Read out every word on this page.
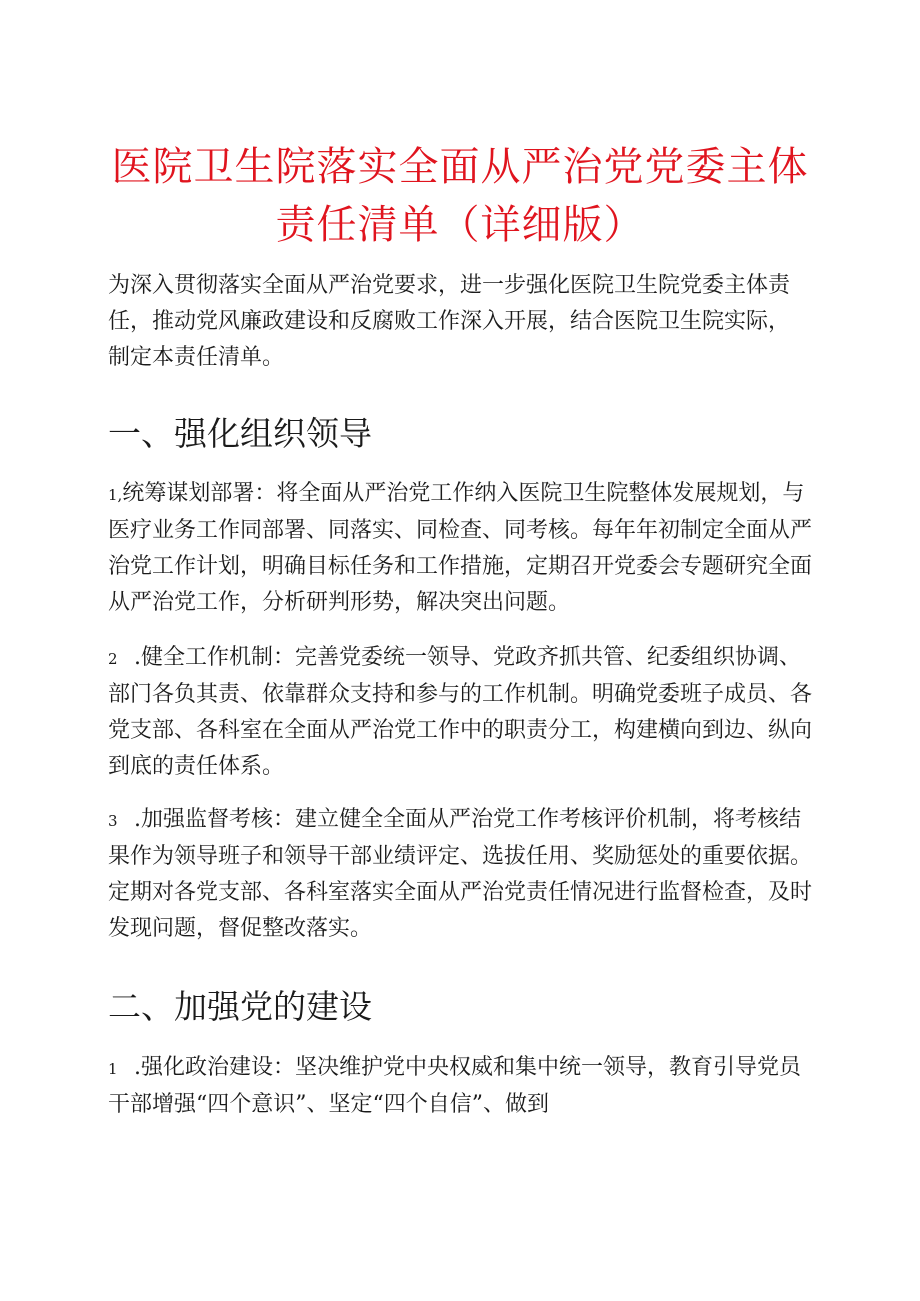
医院卫生院落实全面从严治党党委主体
责任清单（详细版）

为深入贯彻落实全面从严治党要求，进一步强化医院卫生院党委主体责任，推动党风廉政建设和反腐败工作深入开展，结合医院卫生院实际，制定本责任清单。

一、强化组织领导
1,统筹谋划部署：将全面从严治党工作纳入医院卫生院整体发展规划，与医疗业务工作同部署、同落实、同检查、同考核。每年年初制定全面从严治党工作计划，明确目标任务和工作措施，定期召开党委会专题研究全面从严治党工作，分析研判形势，解决突出问题。
2 .健全工作机制：完善党委统一领导、党政齐抓共管、纪委组织协调、部门各负其责、依靠群众支持和参与的工作机制。明确党委班子成员、各党支部、各科室在全面从严治党工作中的职责分工，构建横向到边、纵向到底的责任体系。
3 .加强监督考核：建立健全全面从严治党工作考核评价机制，将考核结果作为领导班子和领导干部业绩评定、选拔任用、奖励惩处的重要依据。定期对各党支部、各科室落实全面从严治党责任情况进行监督检查，及时发现问题，督促整改落实。
二、加强党的建设
1 .强化政治建设：坚决维护党中央权威和集中统一领导，教育引导党员干部增强“四个意识”、坚定“四个自信”、做到
